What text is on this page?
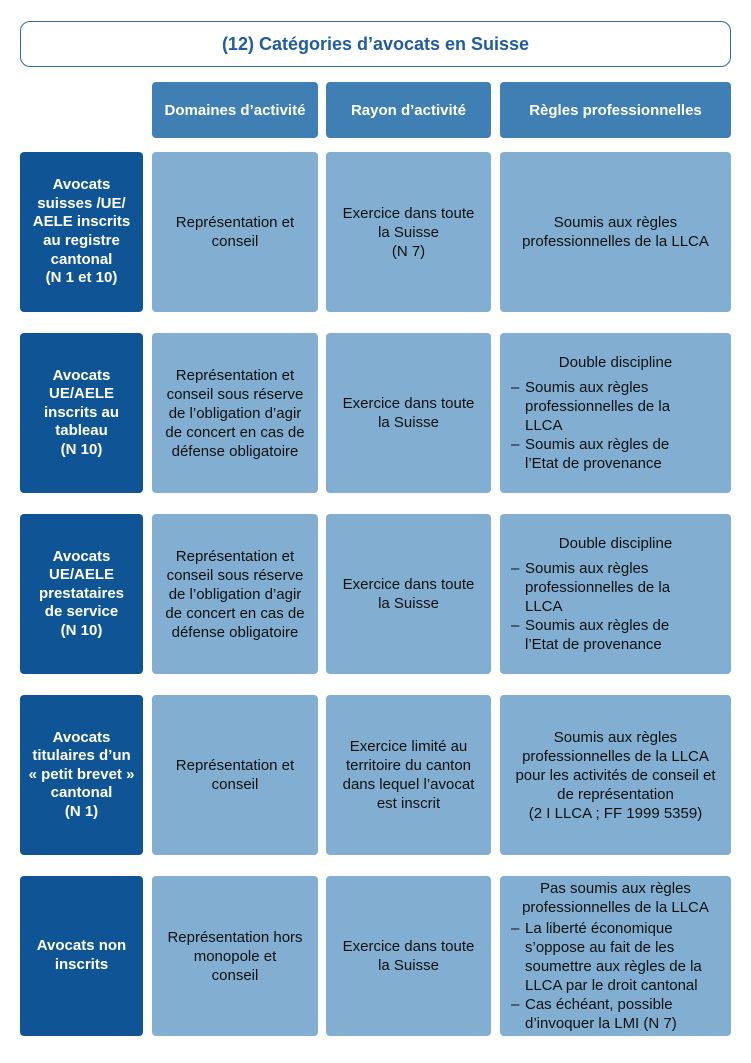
(12) Catégories d’avocats en Suisse
Domaines d’activité	Rayon d’activité	Règles professionnelles
Avocats
suisses /UE/
AELE inscrits
au registre
cantonal
(N 1 et 10)
Représentation et
conseil
Exercice dans toute
la Suisse
(N 7)
Soumis aux règles
professionnelles de la LLCA
Avocats
UE/AELE
inscrits au
tableau
(N 10)
Représentation et
conseil sous réserve
de l’obligation d’agir
de concert en cas de
défense obligatoire
Exercice dans toute
la Suisse
Double discipline
– Soumis aux règles
professionnelles de la
LLCA
– Soumis aux règles de
l’Etat de provenance
Avocats
UE/AELE
prestataires
de service
(N 10)
Représentation et
conseil sous réserve
de l’obligation d’agir
de concert en cas de
défense obligatoire
Exercice dans toute
la Suisse
Double discipline
– Soumis aux règles
professionnelles de la
LLCA
– Soumis aux règles de
l’Etat de provenance
Avocats
titulaires d’un
« petit brevet »
cantonal
(N 1)
Représentation et
conseil
Exercice limité au
territoire du canton
dans lequel l’avocat
est inscrit
Soumis aux règles
professionnelles de la LLCA
pour les activités de conseil et
de représentation
(2 I LLCA ; FF 1999 5359)
Avocats non
inscrits
Représentation hors
monopole et
conseil
Exercice dans toute
la Suisse
Pas soumis aux règles
professionnelles de la LLCA
– La liberté économique
s’oppose au fait de les
soumettre aux règles de la
LLCA par le droit cantonal
– Cas échéant, possible
d’invoquer la LMI (N 7)
